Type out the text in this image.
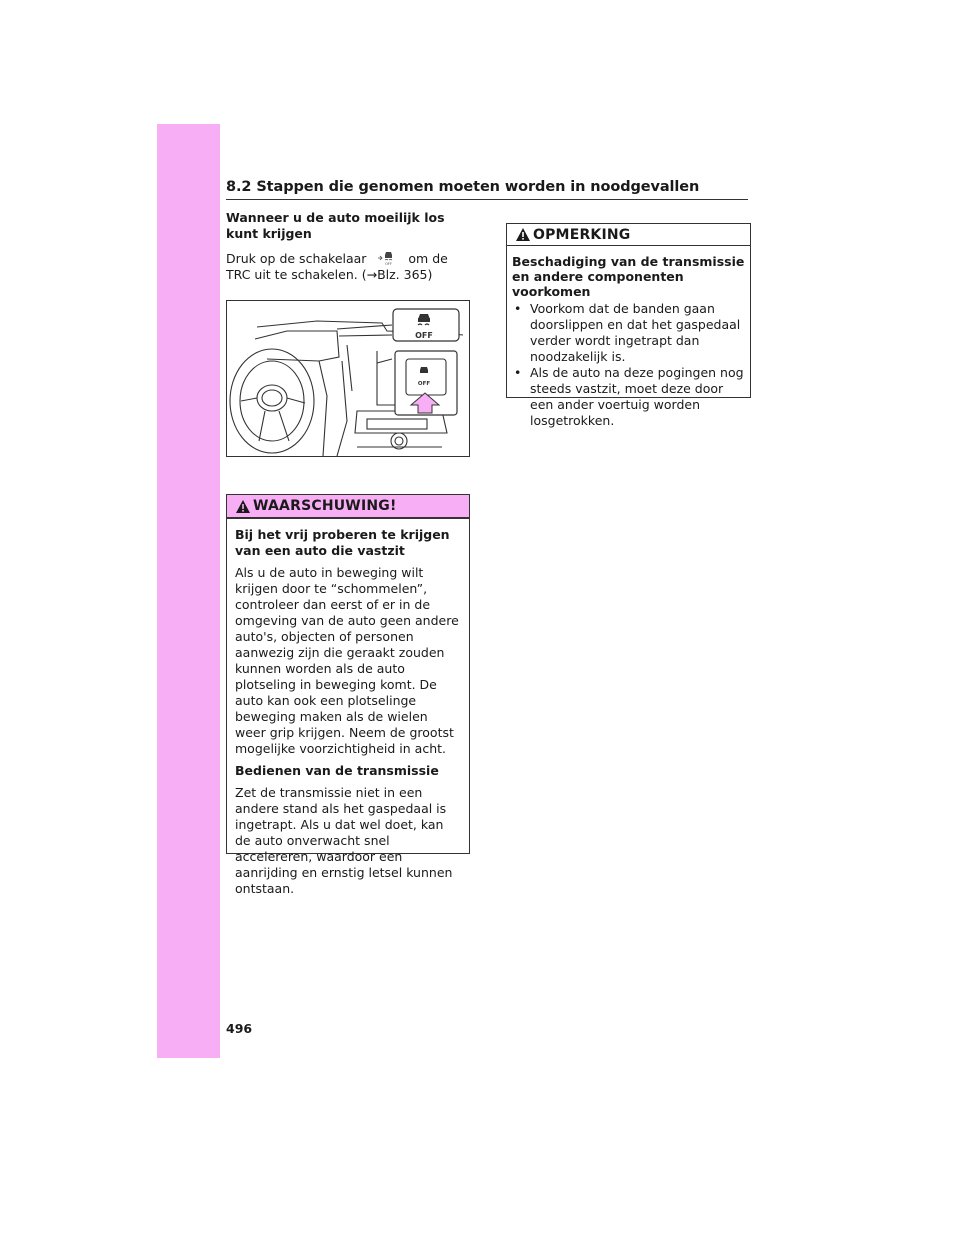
8.2 Stappen die genomen moeten worden in noodgevallen

Wanneer u de auto moeilijk los kunt krijgen

Druk op de schakelaar	OFF om de TRC uit te schakelen. (→Blz. 365)

OFF
OFF
WAARSCHUWING!

Bij het vrij proberen te krijgen van een auto die vastzit

Als u de auto in beweging wilt krijgen door te “schommelen”, controleer dan eerst of er in de omgeving van de auto geen andere auto's, objecten of personen aanwezig zijn die geraakt zouden kunnen worden als de auto plotseling in beweging komt. De auto kan ook een plotselinge beweging maken als de wielen weer grip krijgen. Neem de grootst mogelijke voorzichtigheid in acht.

Bedienen van de transmissie

Zet de transmissie niet in een andere stand als het gaspedaal is ingetrapt. Als u dat wel doet, kan de auto onverwacht snel accelereren, waardoor een aanrijding en ernstig letsel kunnen ontstaan.

OPMERKING

Beschadiging van de transmissie en andere componenten voorkomen

• Voorkom dat de banden gaan doorslippen en dat het gaspedaal verder wordt ingetrapt dan noodzakelijk is.
• Als de auto na deze pogingen nog steeds vastzit, moet deze door een ander voertuig worden losgetrokken.
496
